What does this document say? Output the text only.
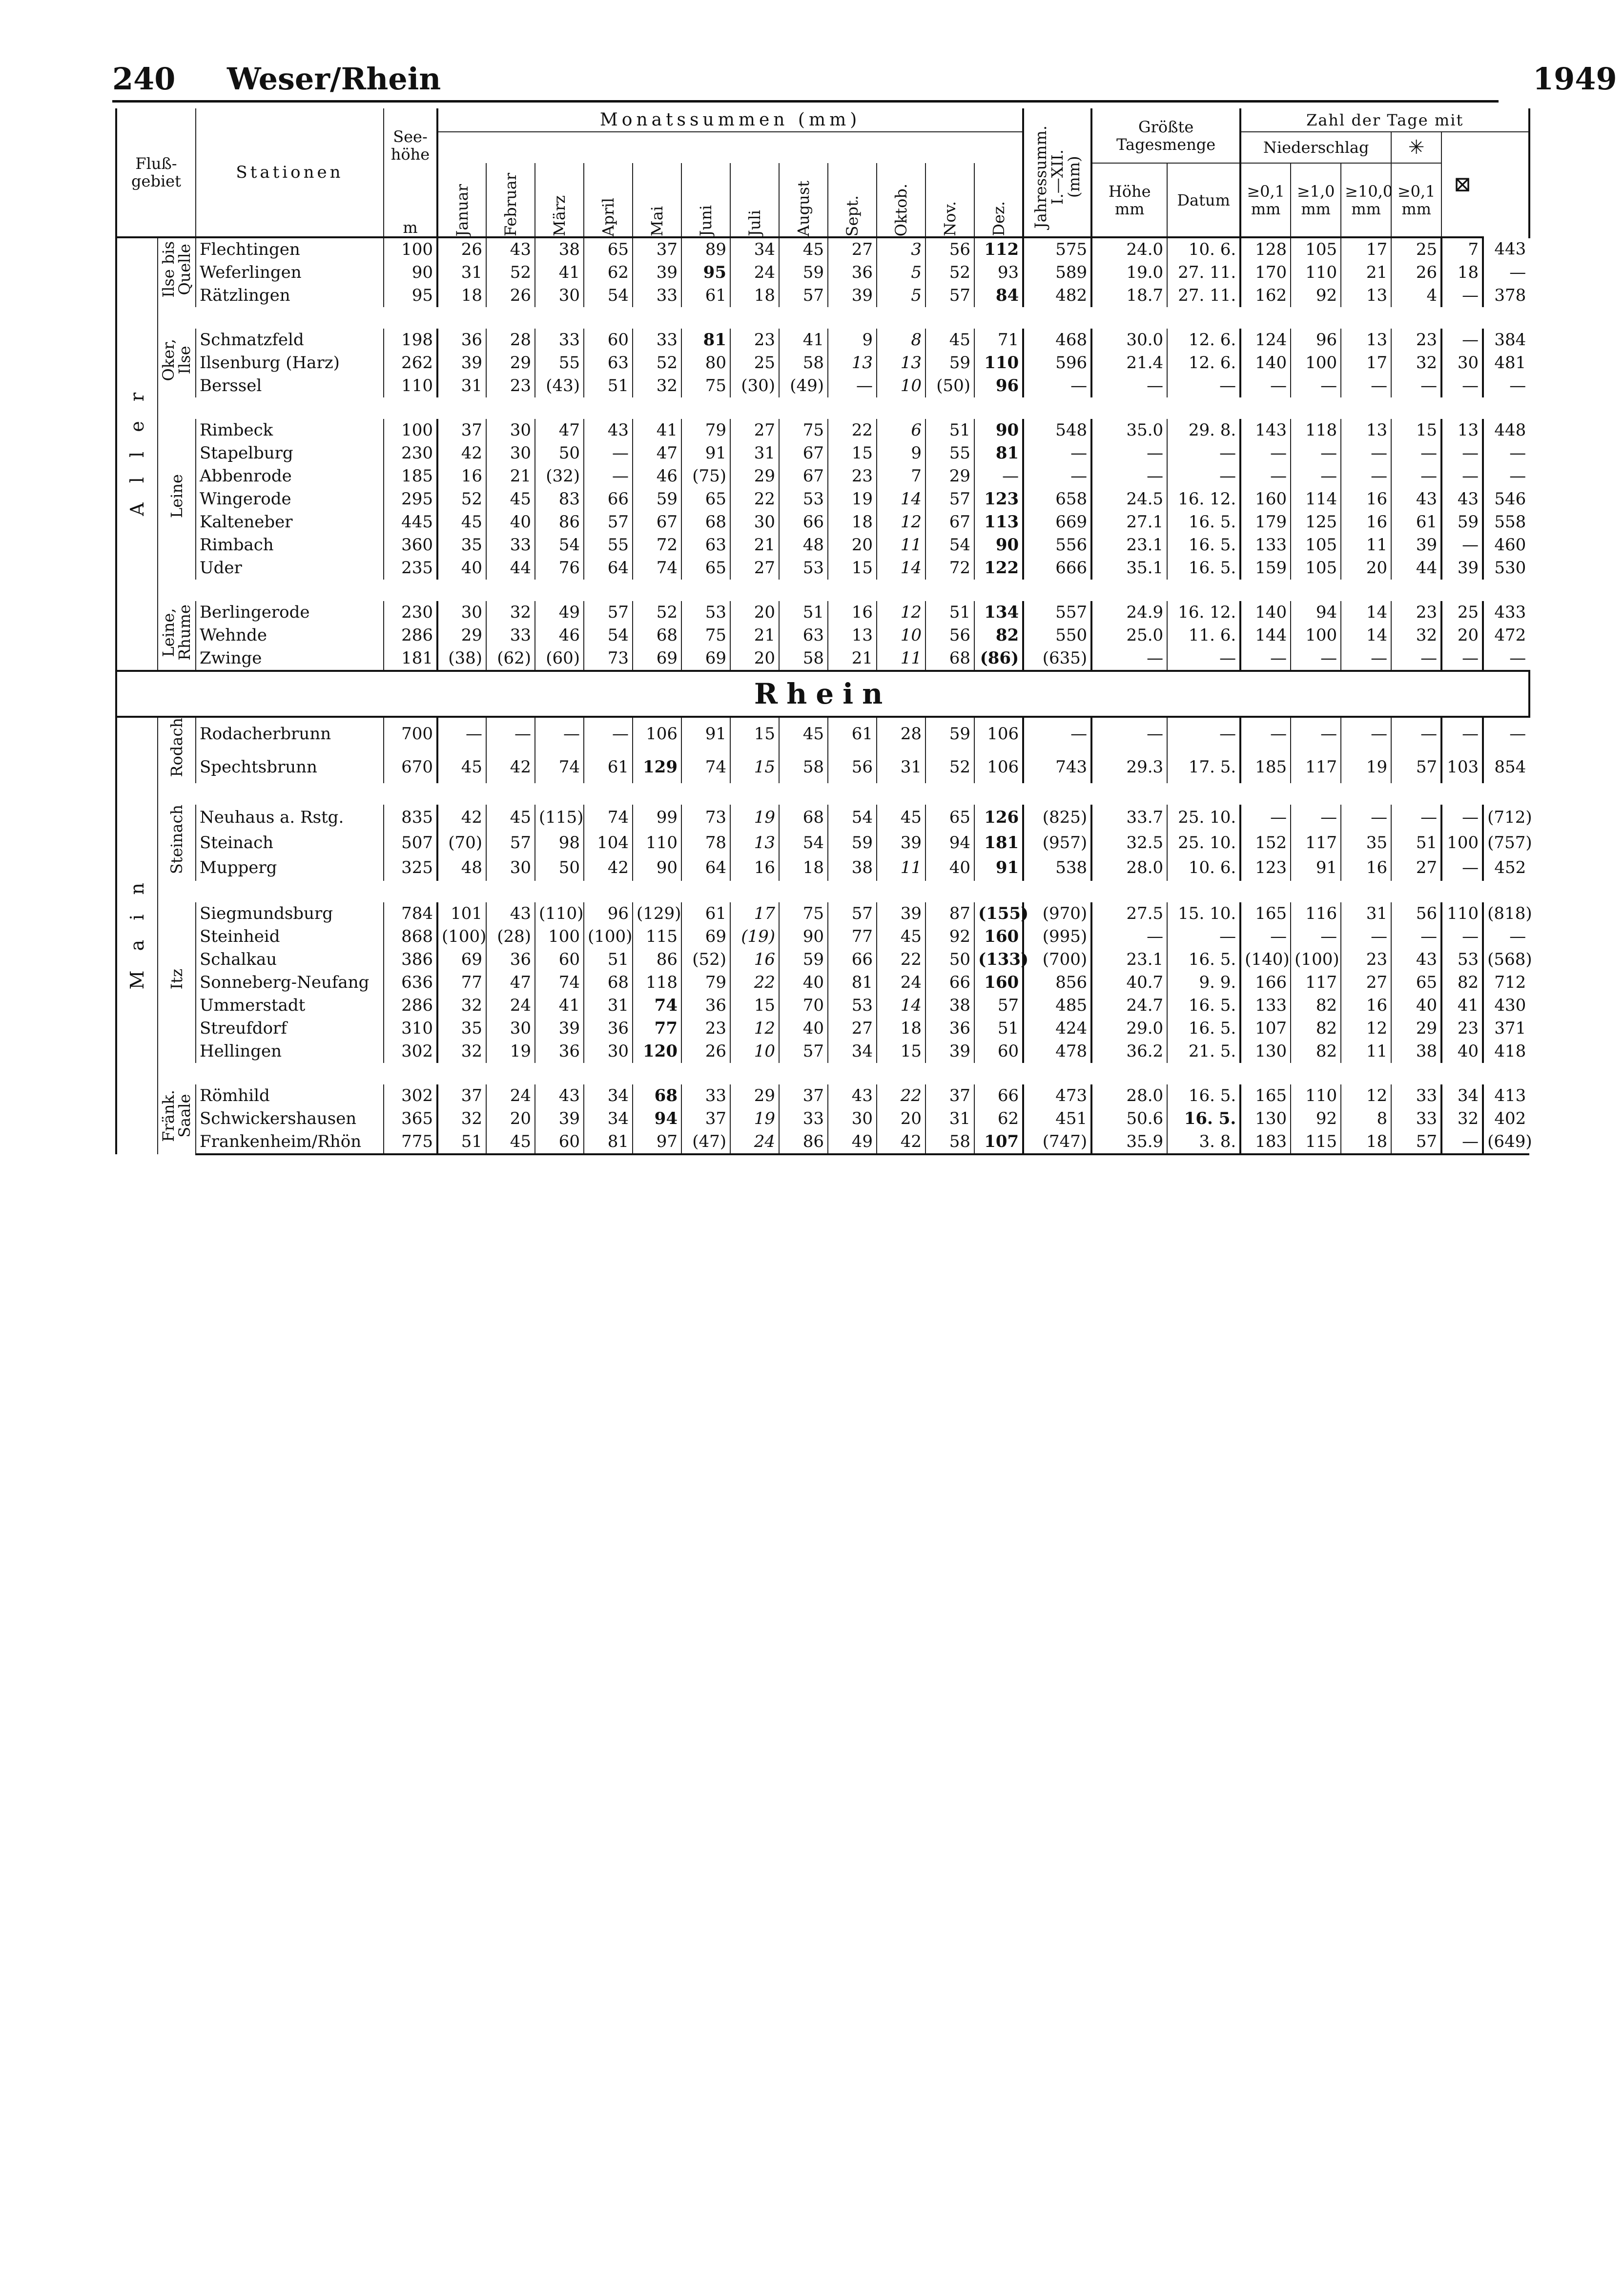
240 Weser/Rhein	1949
Fluß-
gebiet		Stationen	See-
höhe	Monatssummen (mm)												Jahressumm.
I.—XII.
(mm)	Größte
Tagesmenge		Zahl der Tage mit	

																			Niederschlag			✳	⊠		
			m	Januar	Februar	März	April	Mai	Juni	Juli	August	Sept.	Oktob.	Nov.	Dez.		Höhe
mm	Datum	≥0,1
mm	≥1,0
mm	≥10,0
mm	≥0,1
mm			
A l l e r	Ilse bis
Quelle	Flechtingen	100	26	43	38	65	37	89	34	45	27	3	56	112	575	24.0	10. 6.	128	105	17	25	7	443	
		Weferlingen	90	31	52	41	62	39	95	24	59	36	5	52	93	589	19.0	27. 11.	170	110	21	26	18	—	
		Rätzlingen	95	18	26	30	54	33	61	18	57	39	5	57	84	482	18.7	27. 11.	162	92	13	4	—	378	

	Oker,
Ilse	Schmatzfeld	198	36	28	33	60	33	81	23	41	9	8	45	71	468	30.0	12. 6.	124	96	13	23	—	384	
		Ilsenburg (Harz)	262	39	29	55	63	52	80	25	58	13	13	59	110	596	21.4	12. 6.	140	100	17	32	30	481	
		Berssel	110	31	23	(43)	51	32	75	(30)	(49)	—	10	(50)	96	—	—	—	—	—	—	—	—	—	

	Leine	Rimbeck	100	37	30	47	43	41	79	27	75	22	6	51	90	548	35.0	29. 8.	143	118	13	15	13	448	
		Stapelburg	230	42	30	50	—	47	91	31	67	15	9	55	81	—	—	—	—	—	—	—	—	—	
		Abbenrode	185	16	21	(32)	—	46	(75)	29	67	23	7	29	—	—	—	—	—	—	—	—	—	—	
		Wingerode	295	52	45	83	66	59	65	22	53	19	14	57	123	658	24.5	16. 12.	160	114	16	43	43	546	
		Kalteneber	445	45	40	86	57	67	68	30	66	18	12	67	113	669	27.1	16. 5.	179	125	16	61	59	558	
		Rimbach	360	35	33	54	55	72	63	21	48	20	11	54	90	556	23.1	16. 5.	133	105	11	39	—	460	
		Uder	235	40	44	76	64	74	65	27	53	15	14	72	122	666	35.1	16. 5.	159	105	20	44	39	530	

	Leine,
Rhume	Berlingerode	230	30	32	49	57	52	53	20	51	16	12	51	134	557	24.9	16. 12.	140	94	14	23	25	433	
		Wehnde	286	29	33	46	54	68	75	21	63	13	10	56	82	550	25.0	11. 6.	144	100	14	32	20	472	
		Zwinge	181	(38)	(62)	(60)	73	69	69	20	58	21	11	68	(86)	(635)	—	—	—	—	—	—	—	—	
Rhein																									
M a i n	Rodach	Rodacherbrunn	700	—	—	—	—	106	91	15	45	61	28	59	106	—	—	—	—	—	—	—	—	—	
		Spechtsbrunn	670	45	42	74	61	129	74	15	58	56	31	52	106	743	29.3	17. 5.	185	117	19	57	103	854	

	Steinach	Neuhaus a. Rstg.	835	42	45	(115)	74	99	73	19	68	54	45	65	126	(825)	33.7	25. 10.	—	—	—	—	—	(712)	
		Steinach	507	(70)	57	98	104	110	78	13	54	59	39	94	181	(957)	32.5	25. 10.	152	117	35	51	100	(757)	
		Mupperg	325	48	30	50	42	90	64	16	18	38	11	40	91	538	28.0	10. 6.	123	91	16	27	—	452	

	Itz	Siegmundsburg	784	101	43	(110)	96	(129)	61	17	75	57	39	87	(155)	(970)	27.5	15. 10.	165	116	31	56	110	(818)	
		Steinheid	868	(100)	(28)	100	(100)	115	69	(19)	90	77	45	92	160	(995)	—	—	—	—	—	—	—	—	
		Schalkau	386	69	36	60	51	86	(52)	16	59	66	22	50	(133)	(700)	23.1	16. 5.	(140)	(100)	23	43	53	(568)	
		Sonneberg-Neufang	636	77	47	74	68	118	79	22	40	81	24	66	160	856	40.7	9. 9.	166	117	27	65	82	712	
		Ummerstadt	286	32	24	41	31	74	36	15	70	53	14	38	57	485	24.7	16. 5.	133	82	16	40	41	430	
		Streufdorf	310	35	30	39	36	77	23	12	40	27	18	36	51	424	29.0	16. 5.	107	82	12	29	23	371	
		Hellingen	302	32	19	36	30	120	26	10	57	34	15	39	60	478	36.2	21. 5.	130	82	11	38	40	418	

	Fränk.
Saale	Römhild	302	37	24	43	34	68	33	29	37	43	22	37	66	473	28.0	16. 5.	165	110	12	33	34	413	
		Schwickershausen	365	32	20	39	34	94	37	19	33	30	20	31	62	451	50.6	16. 5.	130	92	8	33	32	402	
		Frankenheim/Rhön	775	51	45	60	81	97	(47)	24	86	49	42	58	107	(747)	35.9	3. 8.	183	115	18	57	—	(649)	
